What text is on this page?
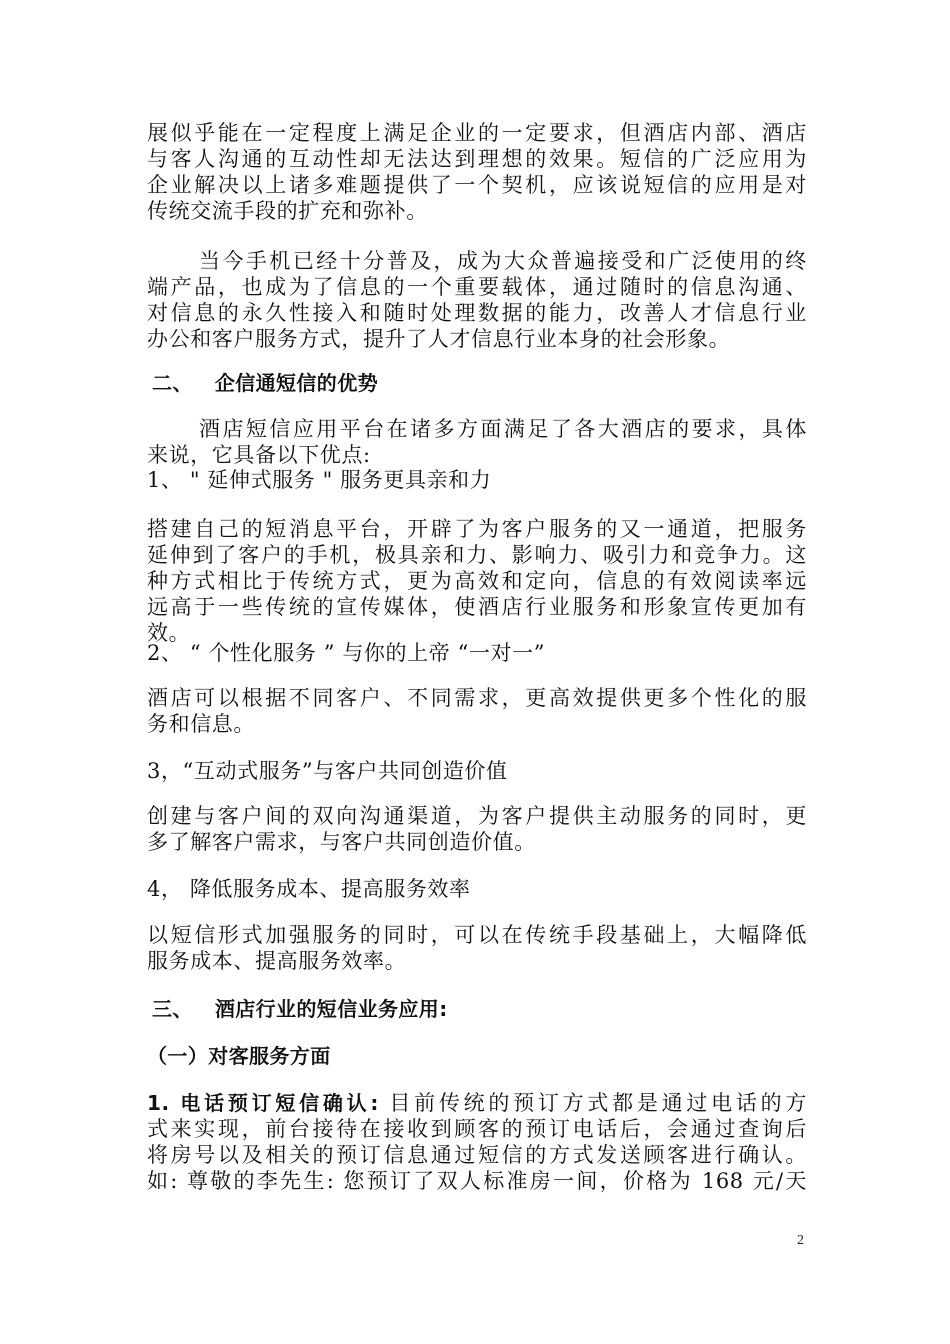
展似乎能在一定程度上满足企业的一定要求，但酒店内部、酒店
与客人沟通的互动性却无法达到理想的效果。短信的广泛应用为
企业解决以上诸多难题提供了一个契机，应该说短信的应用是对
传统交流手段的扩充和弥补。
当今手机已经十分普及，成为大众普遍接受和广泛使用的终
端产品，也成为了信息的一个重要载体，通过随时的信息沟通、
对信息的永久性接入和随时处理数据的能力，改善人才信息行业
办公和客户服务方式，提升了人才信息行业本身的社会形象。
二、 企信通短信的优势
酒店短信应用平台在诸多方面满足了各大酒店的要求，具体
来说，它具备以下优点:
1、 " 延伸式服务 " 服务更具亲和力
搭建自己的短消息平台，开辟了为客户服务的又一通道，把服务
延伸到了客户的手机，极具亲和力、影响力、吸引力和竞争力。这
种方式相比于传统方式，更为高效和定向，信息的有效阅读率远
远高于一些传统的宣传媒体，使酒店行业服务和形象宣传更加有
效。
2、 “ 个性化服务 ” 与你的上帝 “一对一”
酒店可以根据不同客户、不同需求，更高效提供更多个性化的服
务和信息。
3，“互动式服务”与客户共同创造价值
创建与客户间的双向沟通渠道，为客户提供主动服务的同时，更
多了解客户需求，与客户共同创造价值。
4， 降低服务成本、提高服务效率
以短信形式加强服务的同时，可以在传统手段基础上，大幅降低
服务成本、提高服务效率。
三、 酒店行业的短信业务应用:
（一）对客服务方面
1. 电话预订短信确认: 目前传统的预订方式都是通过电话的方
式来实现，前台接待在接收到顾客的预订电话后，会通过查询后
将房号以及相关的预订信息通过短信的方式发送顾客进行确认。
如: 尊敬的李先生: 您预订了双人标准房一间，价格为 168 元/天
2
